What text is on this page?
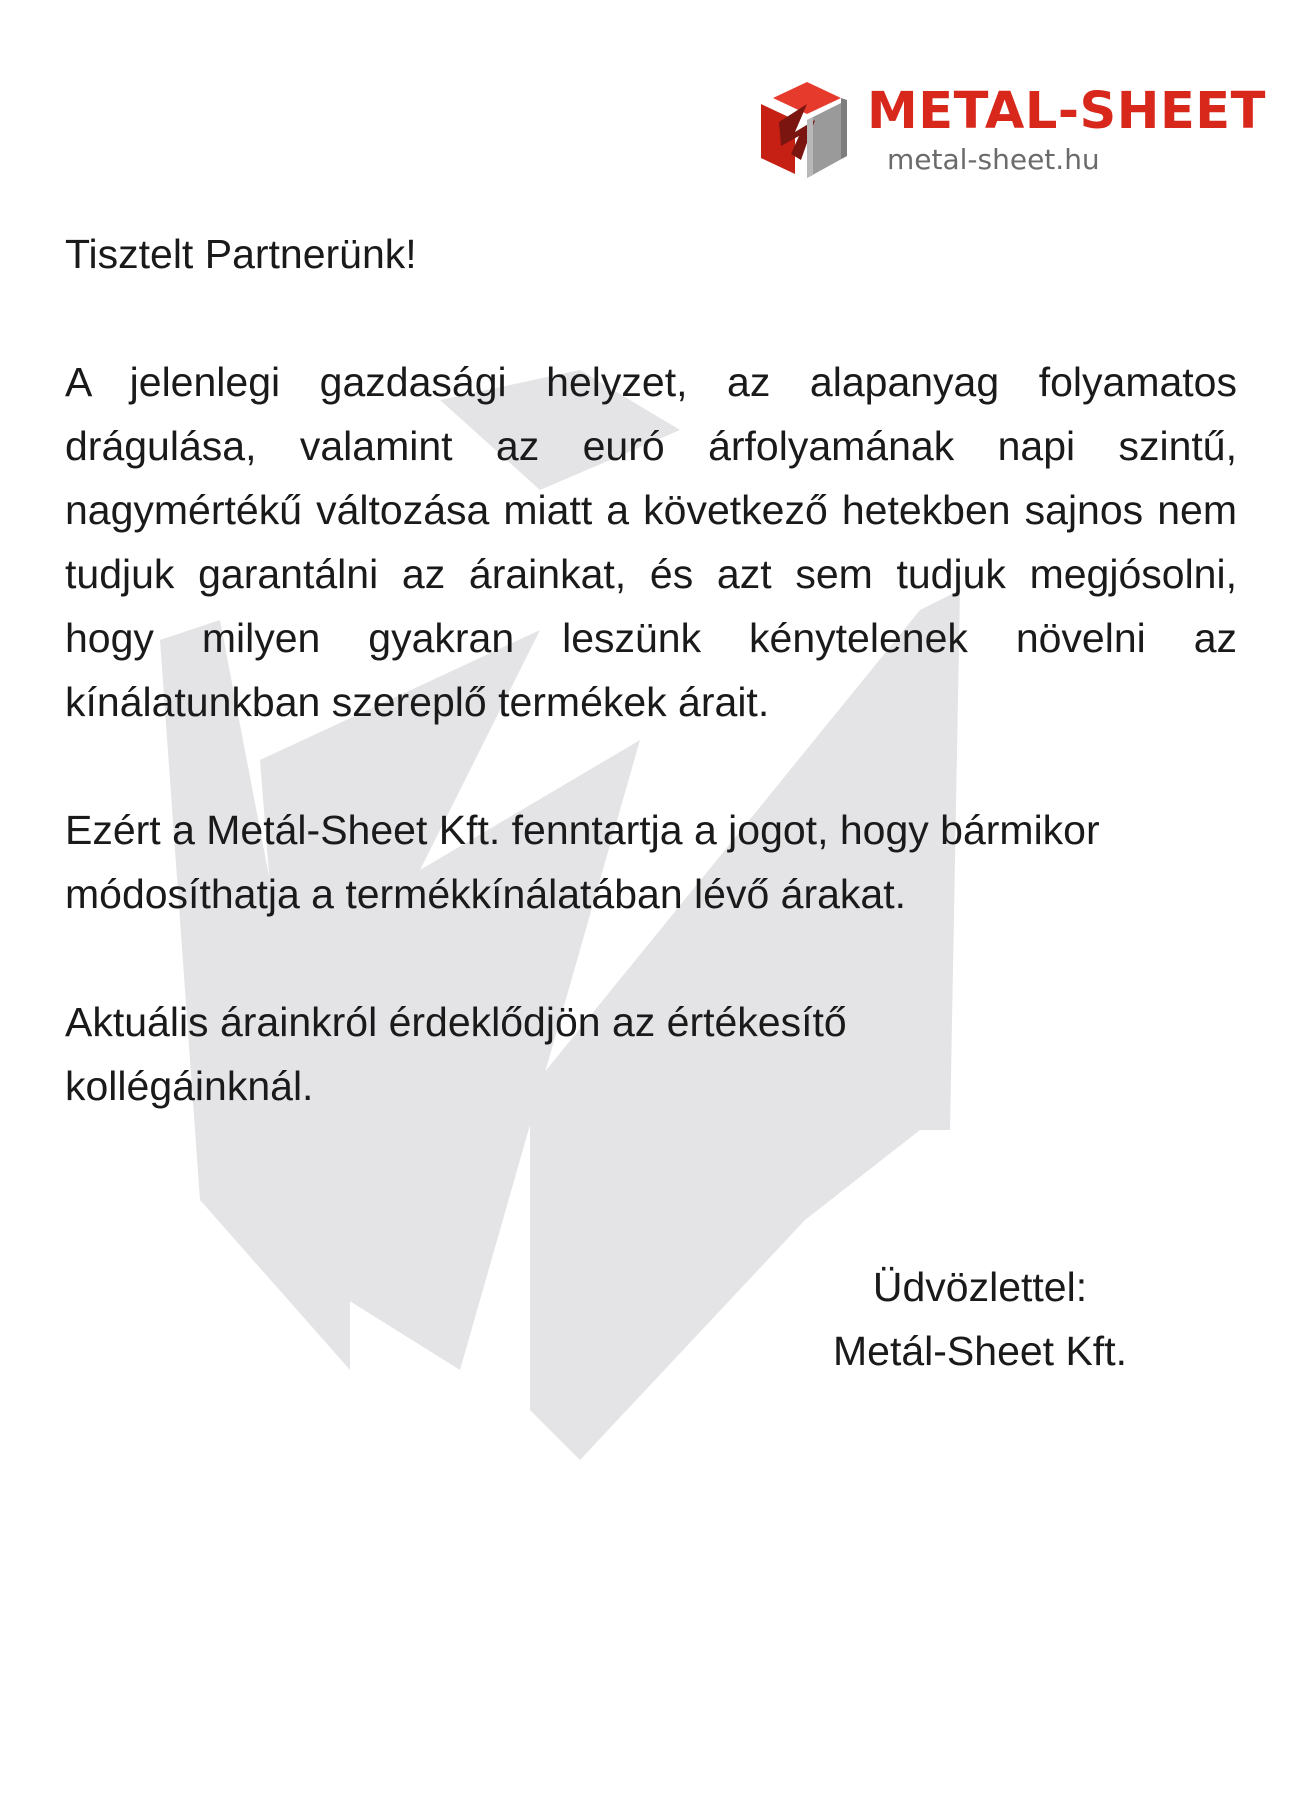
METAL-SHEET
metal-sheet.hu

Tisztelt Partnerünk!

A jelenlegi gazdasági helyzet, az alapanyag folyamatos drágulása, valamint az euró árfolyamának napi szintű, nagymértékű változása miatt a következő hetekben sajnos nem tudjuk garantálni az árainkat, és azt sem tudjuk megjósolni, hogy milyen gyakran leszünk kénytelenek növelni az kínálatunkban szereplő termékek árait.

Ezért a Metál-Sheet Kft. fenntartja a jogot, hogy bármikor
módosíthatja a termékkínálatában lévő árakat.

Aktuális árainkról érdeklődjön az értékesítő
kollégáinknál.

Üdvözlettel:
Metál-Sheet Kft.
